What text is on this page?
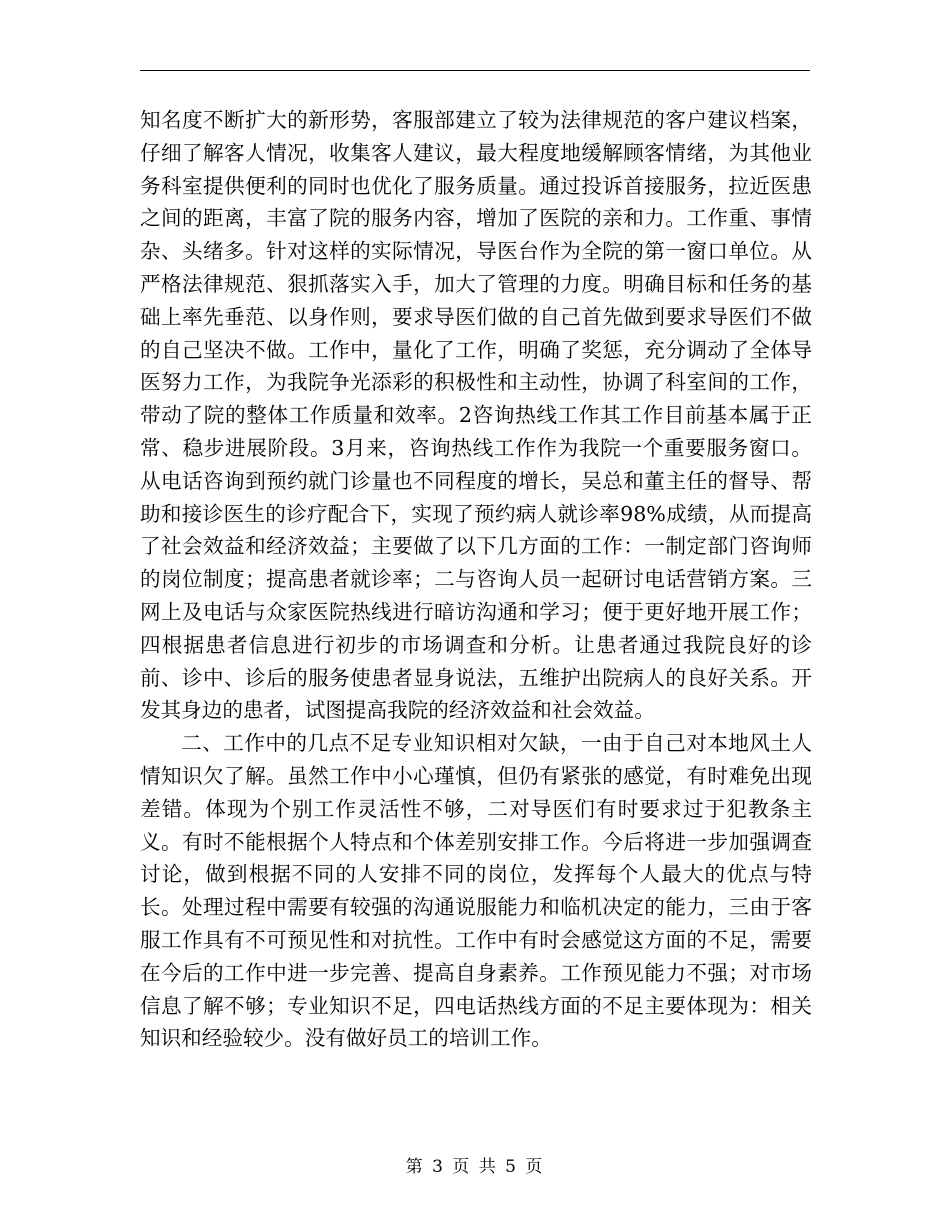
知名度不断扩大的新形势，客服部建立了较为法律规范的客户建议档案，仔细了解客人情况，收集客人建议，最大程度地缓解顾客情绪，为其他业务科室提供便利的同时也优化了服务质量。通过投诉首接服务，拉近医患之间的距离，丰富了院的服务内容，增加了医院的亲和力。工作重、事情杂、头绪多。针对这样的实际情况，导医台作为全院的第一窗口单位。从严格法律规范、狠抓落实入手，加大了管理的力度。明确目标和任务的基础上率先垂范、以身作则，要求导医们做的自己首先做到要求导医们不做的自己坚决不做。工作中，量化了工作，明确了奖惩，充分调动了全体导医努力工作，为我院争光添彩的积极性和主动性，协调了科室间的工作，带动了院的整体工作质量和效率。2咨询热线工作其工作目前基本属于正常、稳步进展阶段。3月来，咨询热线工作作为我院一个重要服务窗口。从电话咨询到预约就门诊量也不同程度的增长，吴总和董主任的督导、帮助和接诊医生的诊疗配合下，实现了预约病人就诊率98%成绩，从而提高了社会效益和经济效益；主要做了以下几方面的工作：一制定部门咨询师的岗位制度；提高患者就诊率；二与咨询人员一起研讨电话营销方案。三网上及电话与众家医院热线进行暗访沟通和学习；便于更好地开展工作；四根据患者信息进行初步的市场调查和分析。让患者通过我院良好的诊前、诊中、诊后的服务使患者显身说法，五维护出院病人的良好关系。开发其身边的患者，试图提高我院的经济效益和社会效益。

二、工作中的几点不足专业知识相对欠缺，一由于自己对本地风土人情知识欠了解。虽然工作中小心瑾慎，但仍有紧张的感觉，有时难免出现差错。体现为个别工作灵活性不够，二对导医们有时要求过于犯教条主义。有时不能根据个人特点和个体差别安排工作。今后将进一步加强调查讨论，做到根据不同的人安排不同的岗位，发挥每个人最大的优点与特长。处理过程中需要有较强的沟通说服能力和临机决定的能力，三由于客服工作具有不可预见性和对抗性。工作中有时会感觉这方面的不足，需要在今后的工作中进一步完善、提高自身素养。工作预见能力不强；对市场信息了解不够；专业知识不足，四电话热线方面的不足主要体现为：相关知识和经验较少。没有做好员工的培训工作。

第 3 页 共 5 页
